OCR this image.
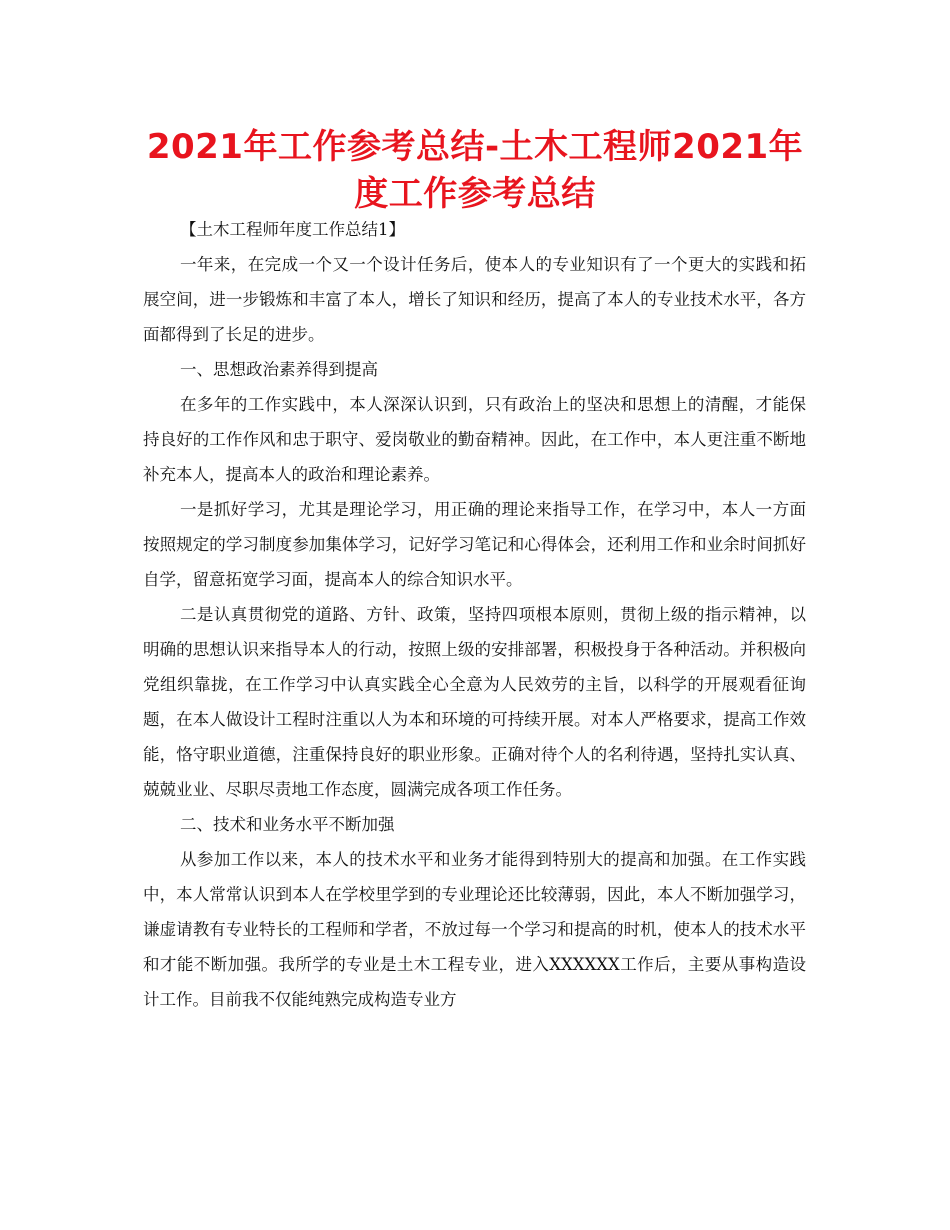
2021年工作参考总结-土木工程师2021年度工作参考总结

【土木工程师年度工作总结1】

一年来，在完成一个又一个设计任务后，使本人的专业知识有了一个更大的实践和拓展空间，进一步锻炼和丰富了本人，增长了知识和经历，提高了本人的专业技术水平，各方面都得到了长足的进步。

一、思想政治素养得到提高

在多年的工作实践中，本人深深认识到，只有政治上的坚决和思想上的清醒，才能保持良好的工作作风和忠于职守、爱岗敬业的勤奋精神。因此，在工作中，本人更注重不断地补充本人，提高本人的政治和理论素养。

一是抓好学习，尤其是理论学习，用正确的理论来指导工作，在学习中，本人一方面按照规定的学习制度参加集体学习，记好学习笔记和心得体会，还利用工作和业余时间抓好自学，留意拓宽学习面，提高本人的综合知识水平。

二是认真贯彻党的道路、方针、政策，坚持四项根本原则，贯彻上级的指示精神，以明确的思想认识来指导本人的行动，按照上级的安排部署，积极投身于各种活动。并积极向党组织靠拢，在工作学习中认真实践全心全意为人民效劳的主旨，以科学的开展观看征询题，在本人做设计工程时注重以人为本和环境的可持续开展。对本人严格要求，提高工作效能，恪守职业道德，注重保持良好的职业形象。正确对待个人的名利待遇，坚持扎实认真、兢兢业业、尽职尽责地工作态度，圆满完成各项工作任务。

二、技术和业务水平不断加强

从参加工作以来，本人的技术水平和业务才能得到特别大的提高和加强。在工作实践中，本人常常认识到本人在学校里学到的专业理论还比较薄弱，因此，本人不断加强学习，谦虚请教有专业特长的工程师和学者，不放过每一个学习和提高的时机，使本人的技术水平和才能不断加强。我所学的专业是土木工程专业，进入XXXXXX工作后，主要从事构造设计工作。目前我不仅能纯熟完成构造专业方
